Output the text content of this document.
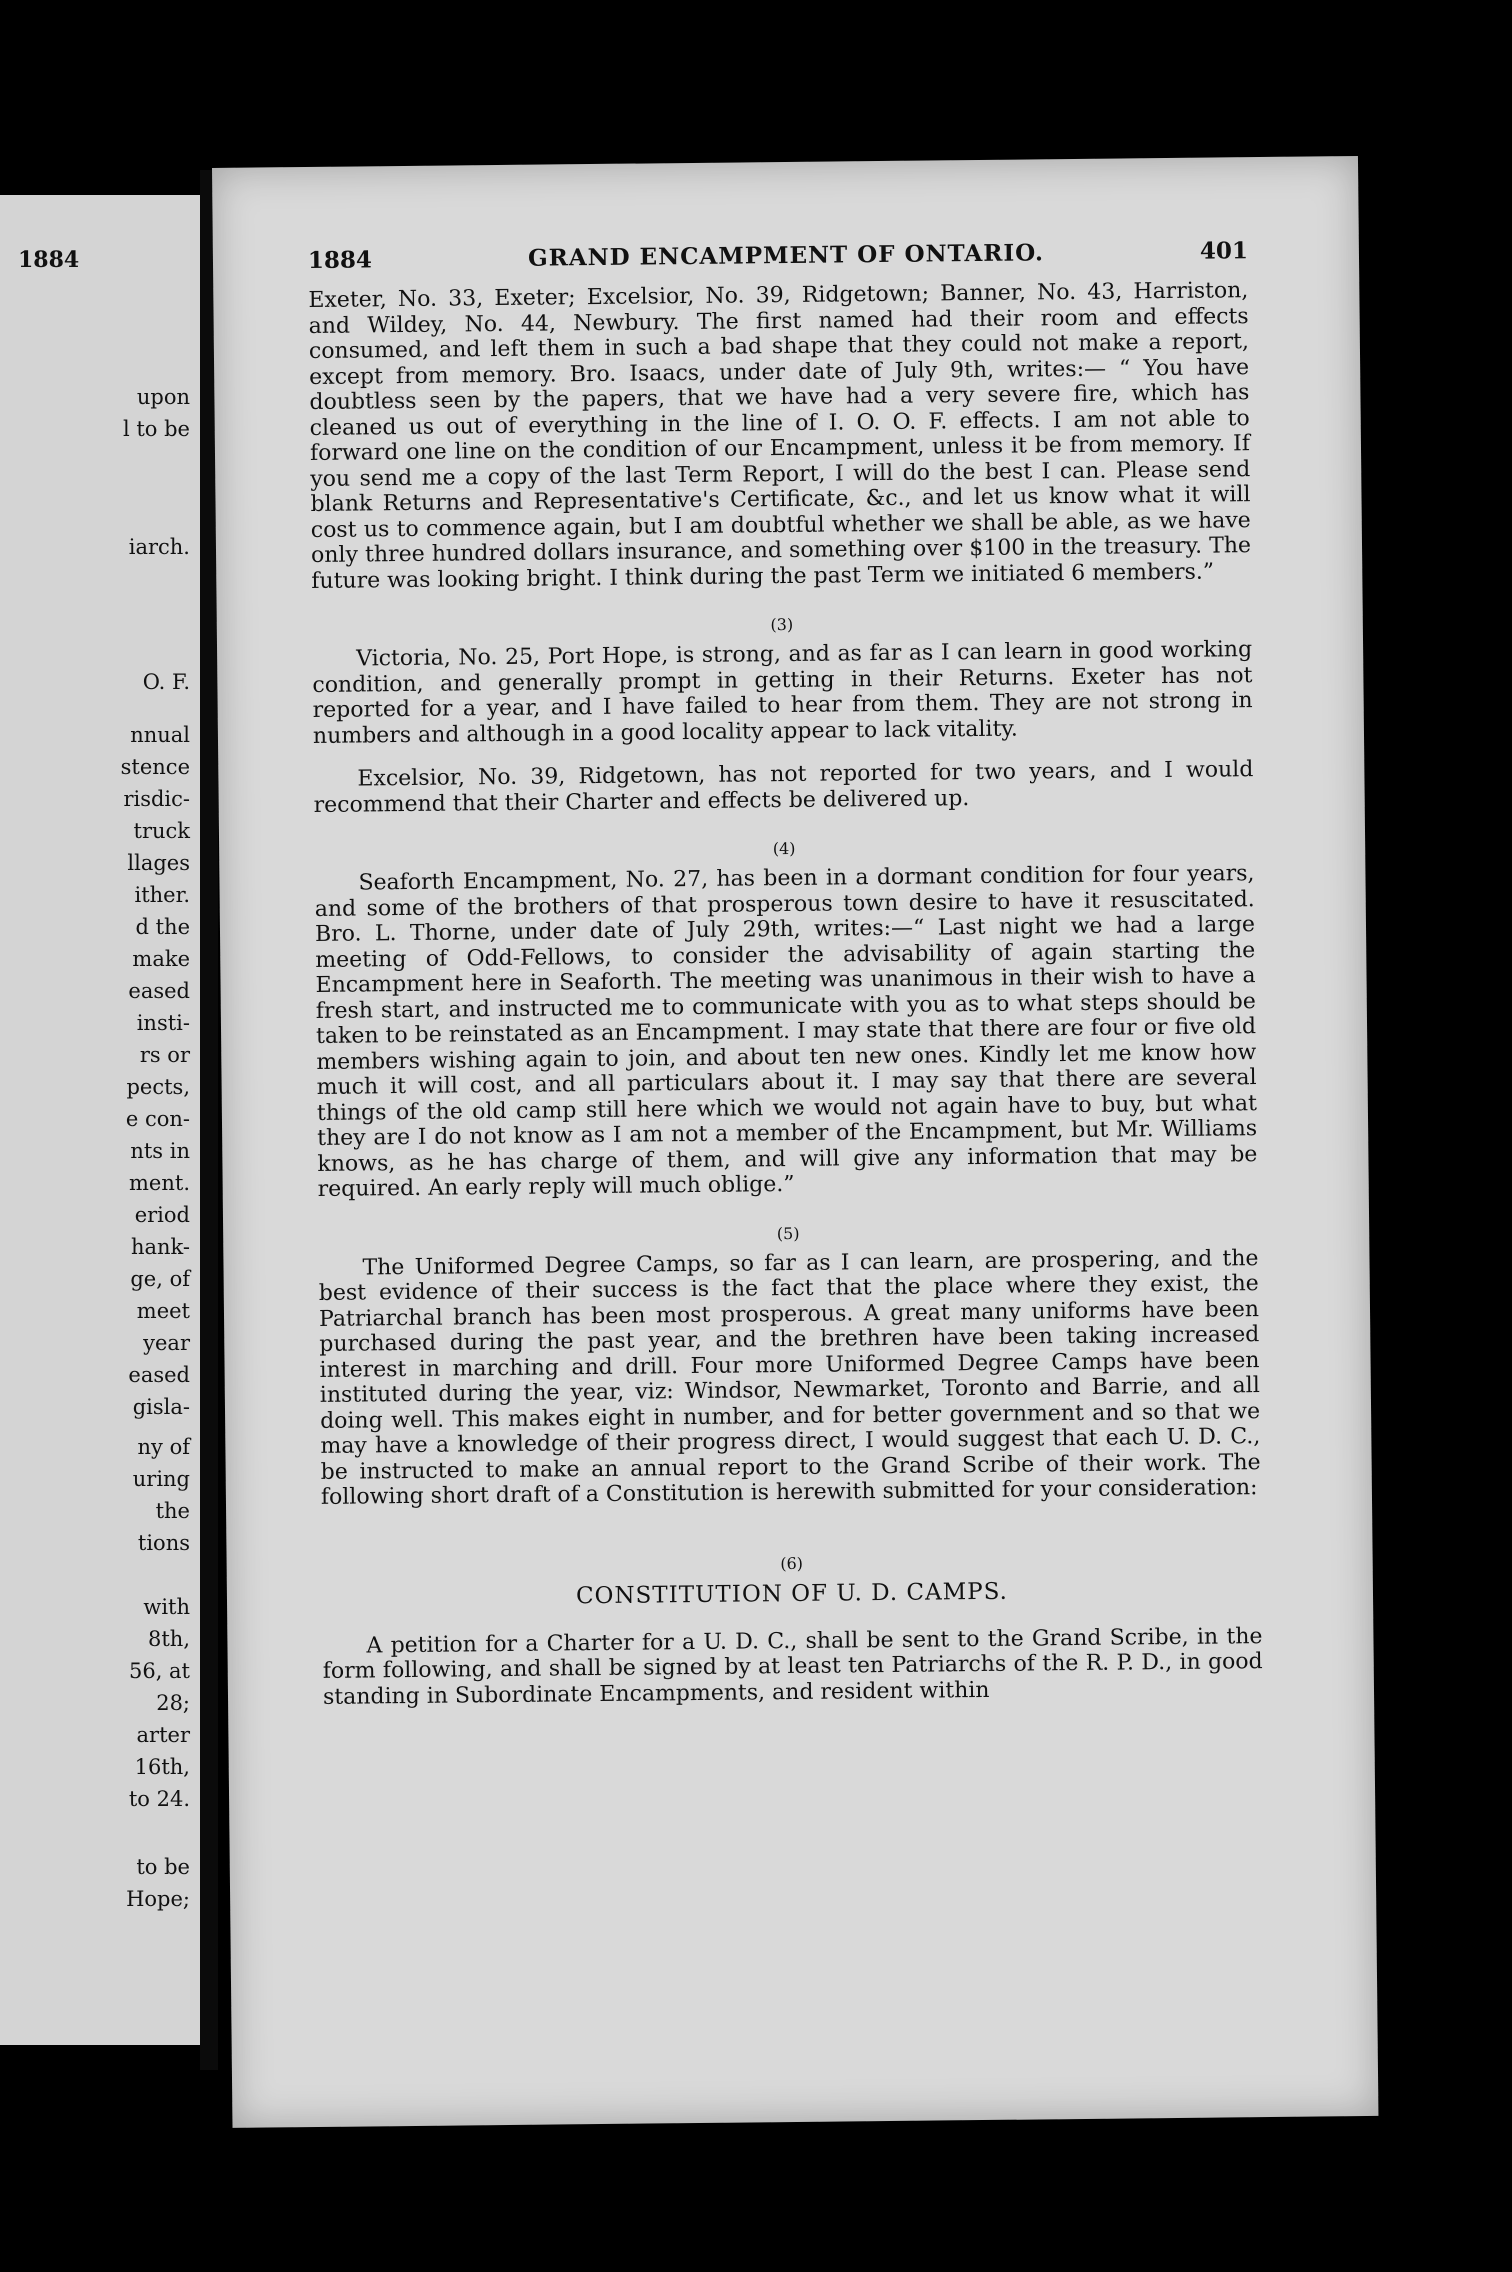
1884
upon
l to be
iarch.
O. F.
nnual
stence
risdic-
truck
llages
ither.
d the
make
eased
insti-
rs or
pects,
e con-
nts in
ment.
eriod
hank-
ge, of
meet
year
eased
gisla-
ny of
uring
the
tions
with
8th,
56, at
28;
arter
16th,
to 24.
to be
Hope;
1884	GRAND ENCAMPMENT OF ONTARIO.	401

Exeter, No. 33, Exeter; Excelsior, No. 39, Ridgetown; Banner, No. 43, Harriston, and Wildey, No. 44, Newbury. The first named had their room and effects consumed, and left them in such a bad shape that they could not make a report, except from memory. Bro. Isaacs, under date of July 9th, writes:— “ You have doubtless seen by the papers, that we have had a very severe fire, which has cleaned us out of everything in the line of I. O. O. F. effects. I am not able to forward one line on the condition of our Encampment, unless it be from memory. If you send me a copy of the last Term Report, I will do the best I can. Please send blank Returns and Representative's Certificate, &c., and let us know what it will cost us to commence again, but I am doubtful whether we shall be able, as we have only three hundred dollars insurance, and something over $100 in the treasury. The future was looking bright. I think during the past Term we initiated 6 members.”

(3)

Victoria, No. 25, Port Hope, is strong, and as far as I can learn in good working condition, and generally prompt in getting in their Returns. Exeter has not reported for a year, and I have failed to hear from them. They are not strong in numbers and although in a good locality appear to lack vitality.

Excelsior, No. 39, Ridgetown, has not reported for two years, and I would recommend that their Charter and effects be delivered up.

(4)

Seaforth Encampment, No. 27, has been in a dormant condition for four years, and some of the brothers of that prosperous town desire to have it resuscitated. Bro. L. Thorne, under date of July 29th, writes:—“ Last night we had a large meeting of Odd-Fellows, to consider the advisability of again starting the Encampment here in Seaforth. The meeting was unanimous in their wish to have a fresh start, and instructed me to communicate with you as to what steps should be taken to be reinstated as an Encampment. I may state that there are four or five old members wishing again to join, and about ten new ones. Kindly let me know how much it will cost, and all particulars about it. I may say that there are several things of the old camp still here which we would not again have to buy, but what they are I do not know as I am not a member of the Encampment, but Mr. Williams knows, as he has charge of them, and will give any information that may be required. An early reply will much oblige.”

(5)

The Uniformed Degree Camps, so far as I can learn, are prospering, and the best evidence of their success is the fact that the place where they exist, the Patriarchal branch has been most prosperous. A great many uniforms have been purchased during the past year, and the brethren have been taking increased interest in marching and drill. Four more Uniformed Degree Camps have been instituted during the year, viz: Windsor, Newmarket, Toronto and Barrie, and all doing well. This makes eight in number, and for better government and so that we may have a knowledge of their progress direct, I would suggest that each U. D. C., be instructed to make an annual report to the Grand Scribe of their work. The following short draft of a Constitution is herewith submitted for your consideration:

(6)
CONSTITUTION OF U. D. CAMPS.

A petition for a Charter for a U. D. C., shall be sent to the Grand Scribe, in the form following, and shall be signed by at least ten Patriarchs of the R. P. D., in good standing in Subordinate Encampments, and resident within
